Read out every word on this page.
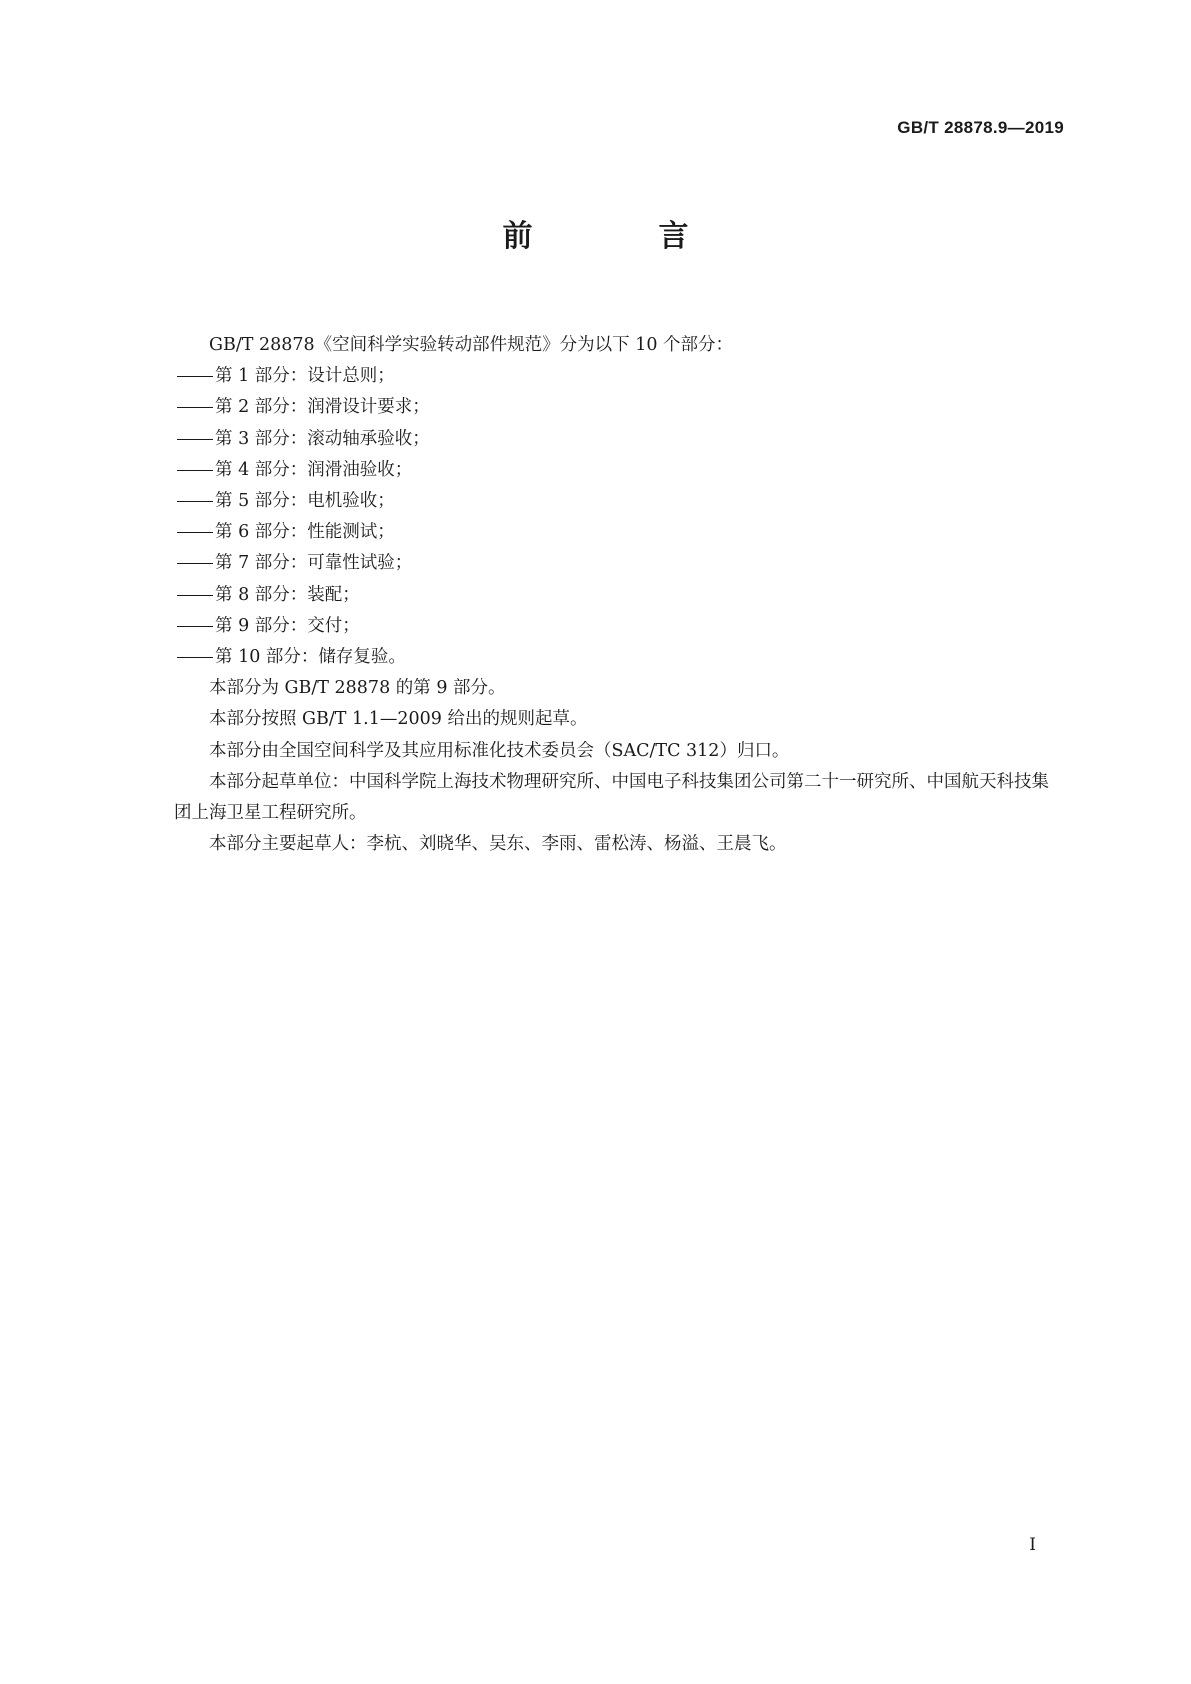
GB/T 28878.9—2019
前　言

GB/T 28878《空间科学实验转动部件规范》分为以下 10 个部分：

第 1 部分：设计总则；

第 2 部分：润滑设计要求；

第 3 部分：滚动轴承验收；

第 4 部分：润滑油验收；

第 5 部分：电机验收；

第 6 部分：性能测试；

第 7 部分：可靠性试验；

第 8 部分：装配；

第 9 部分：交付；

第 10 部分：储存复验。

本部分为 GB/T 28878 的第 9 部分。

本部分按照 GB/T 1.1—2009 给出的规则起草。

本部分由全国空间科学及其应用标准化技术委员会（SAC/TC 312）归口。

本部分起草单位：中国科学院上海技术物理研究所、中国电子科技集团公司第二十一研究所、中国航天科技集团上海卫星工程研究所。

本部分主要起草人：李杭、刘晓华、吴东、李雨、雷松涛、杨溢、王晨飞。

I
